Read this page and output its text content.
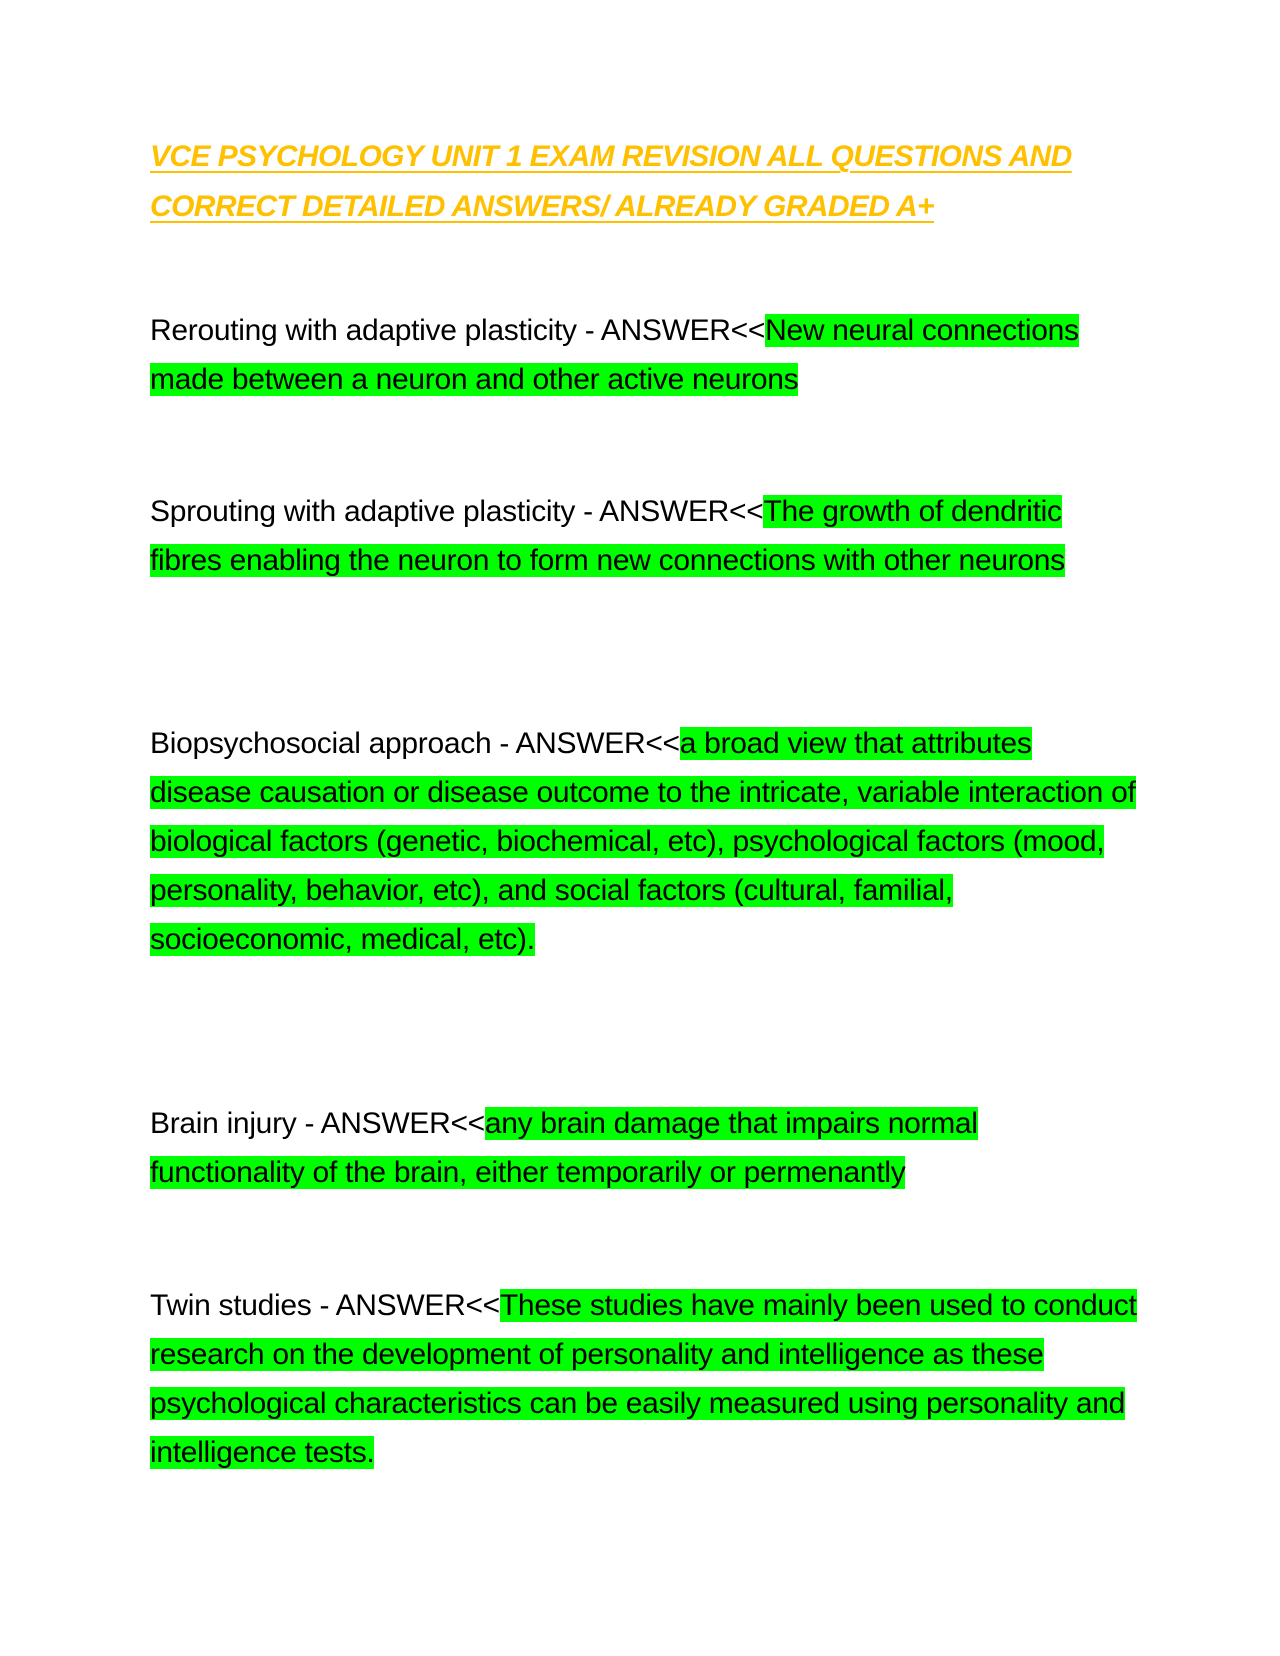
VCE PSYCHOLOGY UNIT 1 EXAM REVISION ALL QUESTIONS AND CORRECT DETAILED ANSWERS/ ALREADY GRADED A+

Rerouting with adaptive plasticity - ANSWER<<New neural connections made between a neuron and other active neurons

Sprouting with adaptive plasticity - ANSWER<<The growth of dendritic fibres enabling the neuron to form new connections with other neurons

Biopsychosocial approach - ANSWER<<a broad view that attributes disease causation or disease outcome to the intricate, variable interaction of biological factors (genetic, biochemical, etc), psychological factors (mood, personality, behavior, etc), and social factors (cultural, familial, socioeconomic, medical, etc).

Brain injury - ANSWER<<any brain damage that impairs normal functionality of the brain, either temporarily or permenantly

Twin studies - ANSWER<<These studies have mainly been used to conduct research on the development of personality and intelligence as these psychological characteristics can be easily measured using personality and intelligence tests.
